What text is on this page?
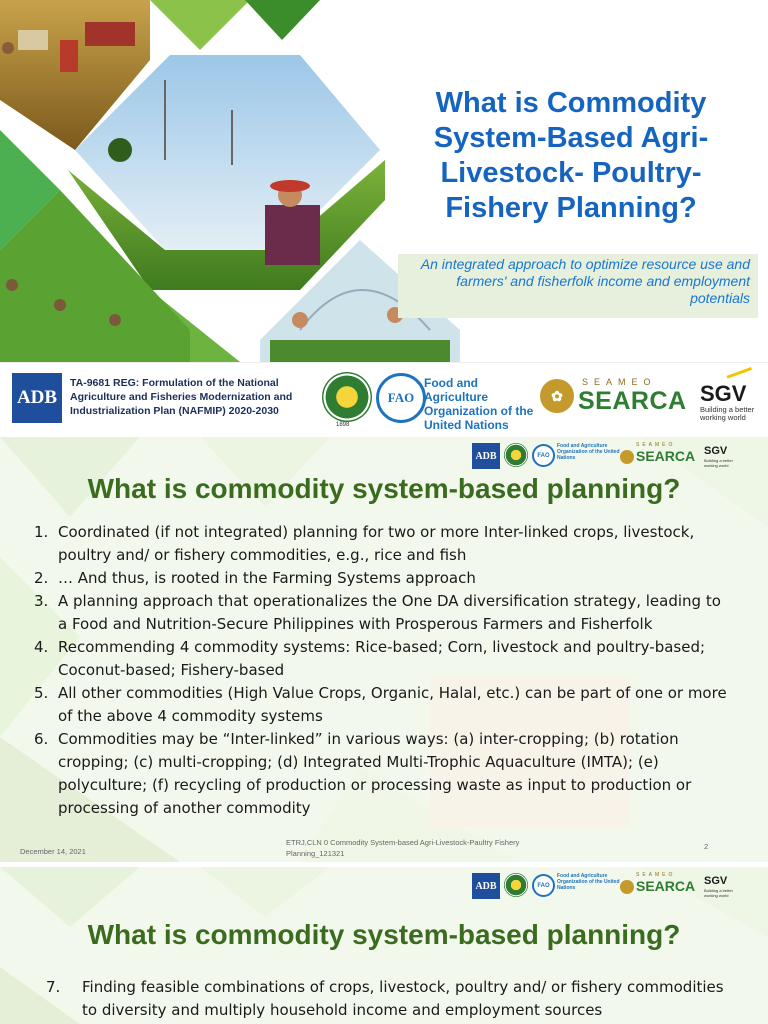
What is Commodity System-Based Agri-Livestock- Poultry- Fishery Planning?
An integrated approach to optimize resource use and farmers' and fisherfolk income and employment potentials
ADB
TA-9681 REG: Formulation of the National Agriculture and Fisheries Modernization and Industrialization Plan (NAFMIP) 2020-2030
1898
FAO
Food and Agriculture Organization of the United Nations
✿
SEAMEO
SEARCA SGV
Building a better working world
ADB	FAO
Food and Agriculture Organization of the United Nations
SEAMEO
SEARCA SGV
Building a better working world
What is commodity system-based planning?
1. Coordinated (if not integrated) planning for two or more Inter-linked crops, livestock, poultry and/ or fishery commodities, e.g., rice and fish
2. … And thus, is rooted in the Farming Systems approach
3. A planning approach that operationalizes the One DA diversification strategy, leading to a Food and Nutrition-Secure Philippines with Prosperous Farmers and Fisherfolk
4. Recommending 4 commodity systems: Rice-based; Corn, livestock and poultry-based; Coconut-based; Fishery-based
5. All other commodities (High Value Crops, Organic, Halal, etc.) can be part of one or more of the above 4 commodity systems
6. Commodities may be “Inter-linked” in various ways: (a) inter-cropping; (b) rotation cropping; (c) multi-cropping; (d) Integrated Multi-Trophic Aquaculture (IMTA); (e) polyculture; (f) recycling of production or processing waste as input to production or processing of another commodity
December 14, 2021
ETRJ,CLN 0 Commodity System-based Agri-Livestock-Paultry Fishery Planning_121321
2
ADB	FAO
Food and Agriculture Organization of the United Nations
SEAMEO
SEARCA SGV
Building a better working world
What is commodity system-based planning?
7.	Finding feasible combinations of crops, livestock, poultry and/ or fishery commodities to diversity and multiply household income and employment sources
